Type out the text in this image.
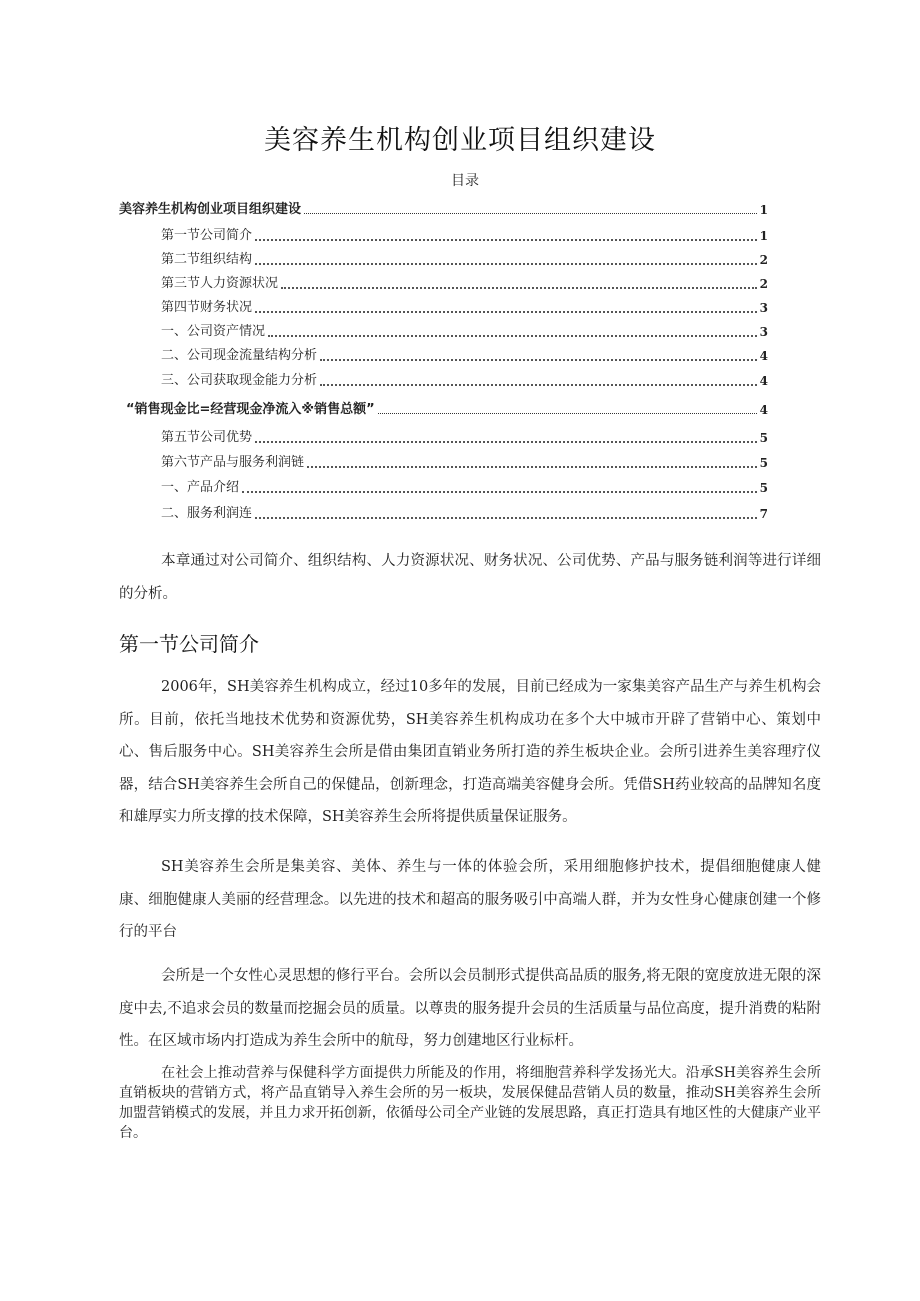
美容养生机构创业项目组织建设
目录
美容养生机构创业项目组织建设	1
第一节公司简介	1
第二节组织结构	2
第三节人力资源状况	2
第四节财务状况	3
一、公司资产情况	3
二、公司现金流量结构分析	4
三、公司获取现金能力分析	4
“销售现金比=经营现金净流入※销售总额”	4
第五节公司优势	5
第六节产品与服务利润链	5
一、产品介绍	5
二、服务利润连	7

本章通过对公司简介、组织结构、人力资源状况、财务状况、公司优势、产品与服务链利润等进行详细的分析。

第一节公司简介

2006年，SH美容养生机构成立，经过10多年的发展，目前已经成为一家集美容产品生产与养生机构会所。目前，依托当地技术优势和资源优势，SH美容养生机构成功在多个大中城市开辟了营销中心、策划中心、售后服务中心。SH美容养生会所是借由集团直销业务所打造的养生板块企业。会所引进养生美容理疗仪器，结合SH美容养生会所自己的保健品，创新理念，打造高端美容健身会所。凭借SH药业较高的品牌知名度和雄厚实力所支撑的技术保障，SH美容养生会所将提供质量保证服务。

SH美容养生会所是集美容、美体、养生与一体的体验会所，采用细胞修护技术，提倡细胞健康人健康、细胞健康人美丽的经营理念。以先进的技术和超高的服务吸引中高端人群，并为女性身心健康创建一个修行的平台

会所是一个女性心灵思想的修行平台。会所以会员制形式提供高品质的服务,将无限的宽度放进无限的深度中去,不追求会员的数量而挖掘会员的质量。以尊贵的服务提升会员的生活质量与品位高度，提升消费的粘附性。在区域市场内打造成为养生会所中的航母，努力创建地区行业标杆。

在社会上推动营养与保健科学方面提供力所能及的作用，将细胞营养科学发扬光大。沿承SH美容养生会所直销板块的营销方式，将产品直销导入养生会所的另一板块，发展保健品营销人员的数量，推动SH美容养生会所加盟营销模式的发展，并且力求开拓创新，依循母公司全产业链的发展思路，真正打造具有地区性的大健康产业平台。
